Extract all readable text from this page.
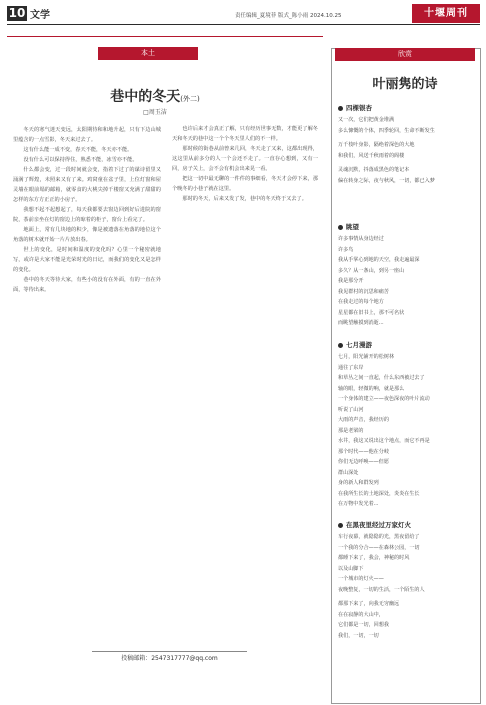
10 文学	责任编辑_夏境菲 版式_陈小雨 2024.10.25	十堰周刊
本土
巷中的冬天(外二)
□周玉洁

冬天的寒气迷天变远，太阳期待和和地升起，只有下边山城里蕴含的一点雪影，冬天来过去了。

这有什么能一成不变，春天不能，冬天亦不能。

没有什么可以保持得住，熟悉不能，冰雪亦不能。

什么都会变，过一段时间就会变，指着下过了的谋诗留里又涌满了辉煌，未照来又有了来。鸡窝童在盆子里，上位灯窗和屋灵墙在眼前塌的邮箱，就零食的大桃尖掉千楼窗又充满了甜甜的怎样的东方方正正的小房子。

我想不起不起想起了，每天我都要去窗边回到好后进院的窗院，茶前亲坐在灯的窗边上的晾着的柜子，窗台上看完了。

地面上，常有几块地的积少，像是被遗落在角落的地位这个角落的树木就开始一片片放出春。

世上的变化，是时间和温度的变化吗？心里一个秘密就地写，或许是大家不能是光荣时光的日记，而我们的变化又是怎样的变化。

巷中的冬天等待大家，有些小的没有在外面，有的一直在外面，等待出来。

也许后来才会真正了解，只有经历世事无数，才能更了解冬天和冬天的巷中这一个个冬天里人们的不一样。

那时候的街巷从前曾来几回，冬天走了又来，这都出现得，这这里从前多分的人一个会还不走了。一直存心想到，又有一回，房子关上，会不会有机会出来晃一看。

把这一切中最无聊的一件件的事细看，冬天才会停下来，那个晚冬的小巷子就在这里。

那时的冬天，后来又发了发，巷中的冬天终于又去了。

投稿邮箱：2547317777@qq.com
欣赏
叶丽隽的诗
四棵银杏
又一次，它们把黄金堆满
多么慷慨的个体，四季轮回，生命不断发生
万千枝叶身影，隔绝着深色的大地
和我们，风送千秋雨着的阁楼
灵魂沉默，抖落成黑色的笔记本
偏在转身之际，夜与秋风，一切，都已入梦
眺望
许多事情从身边经过
许多鸟
我从手掌心到地的天空，我走遍最深
多久？从一条山，到另一座山
我是那分开
我见群村的沉思和痛苦
在我走过的每个地方
星星都在旧书上，那不可名状
而眺望触摸到消逝...
七月漫游
七月，阳光铺开的松树林
通往了东岸
和草丛之间一直起，什么东西被过去了
轴的眼，轻微的响，就是那么
一个身体的建立——夜色深夜的叶片流动
听说了山河
大雨的声音，我经历的
那是老梁的
水井，我这又说出这个地点，而它不再是
那个时代——他在分岐
你们无边呼唤——但愿
群山深处
身的新人和群发列
在我所生长的土地深处，炎炎在生长
在万物中发光着...
在黑夜里经过万家灯火
车行夜幕，就隐隐的光，黑夜留给了
一个我的分合——在森林公园，一切
都睡下来了，我会，神秘的时风
以及山脚下
一个城市的灯火——
夜晚整复，一切的生活，一个陌生的人
都那下来了，向我无穷幽远
在在寂静的大山中，
它们都是一切，回想我
我们，一切，一切
